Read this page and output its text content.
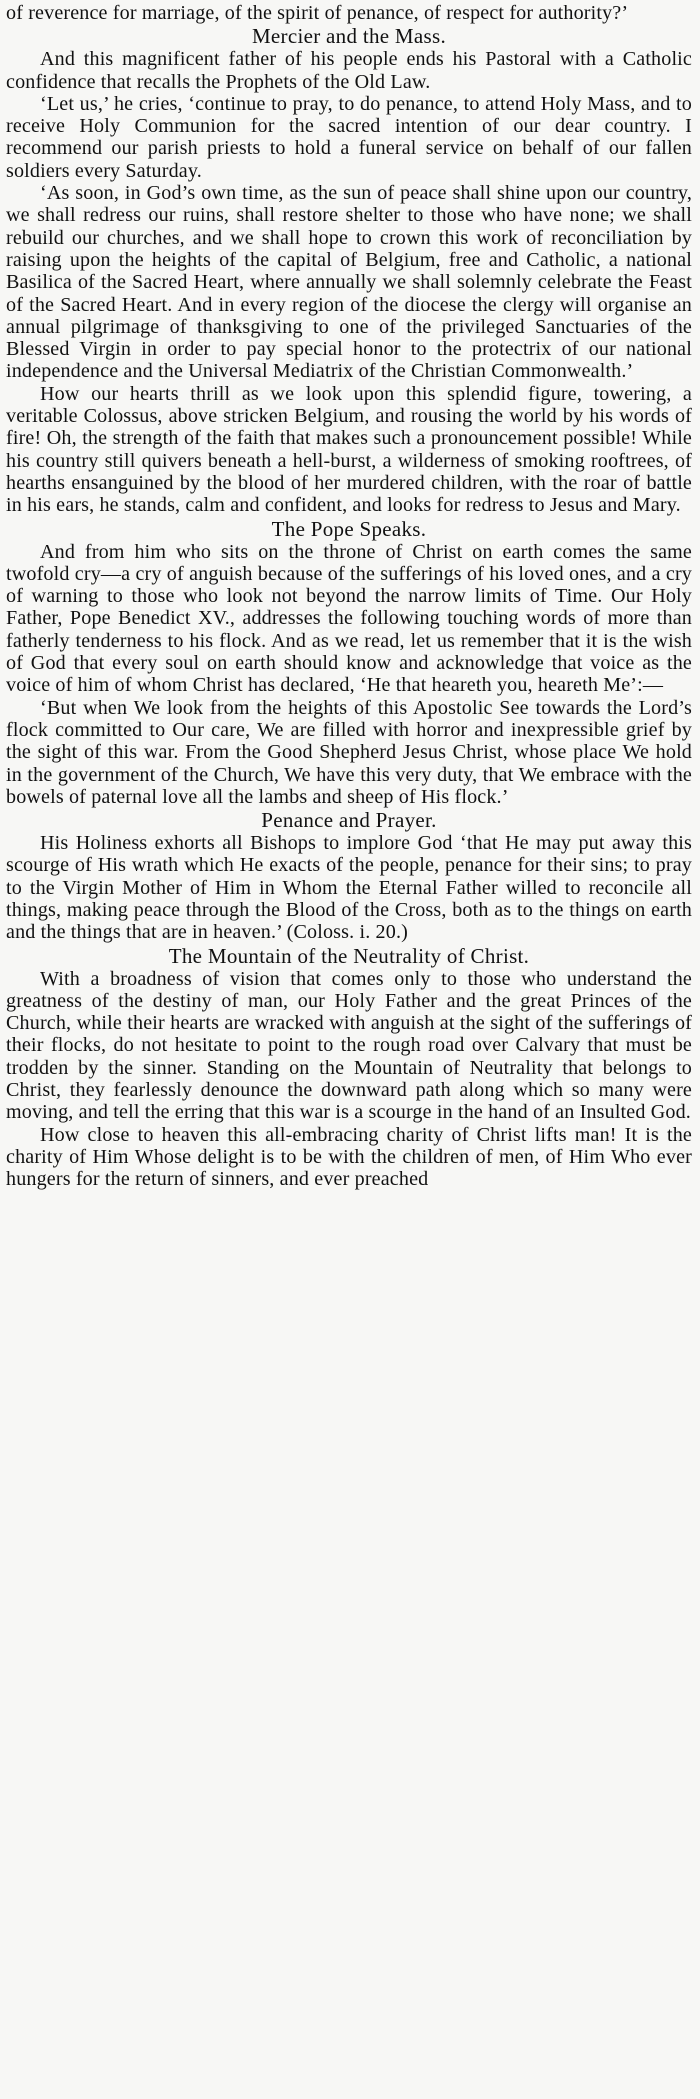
of reverence for marriage, of the spirit of penance, of respect for authority?’

Mercier and the Mass.

And this magnificent father of his people ends his Pastoral with a Catholic confidence that recalls the Prophets of the Old Law.

‘Let us,’ he cries, ‘continue to pray, to do penance, to attend Holy Mass, and to receive Holy Communion for the sacred intention of our dear country. I recommend our parish priests to hold a funeral service on behalf of our fallen soldiers every Saturday.

‘As soon, in God’s own time, as the sun of peace shall shine upon our country, we shall redress our ruins, shall restore shelter to those who have none; we shall rebuild our churches, and we shall hope to crown this work of reconciliation by raising upon the heights of the capital of Belgium, free and Catholic, a national Basilica of the Sacred Heart, where annually we shall solemnly celebrate the Feast of the Sacred Heart. And in every region of the diocese the clergy will organise an annual pilgrimage of thanksgiving to one of the privileged Sanctuaries of the Blessed Virgin in order to pay special honor to the protectrix of our national independence and the Universal Mediatrix of the Christian Commonwealth.’

How our hearts thrill as we look upon this splendid figure, towering, a veritable Colossus, above stricken Belgium, and rousing the world by his words of fire! Oh, the strength of the faith that makes such a pronouncement possible! While his country still quivers beneath a hell-burst, a wilderness of smoking rooftrees, of hearths ensanguined by the blood of her murdered children, with the roar of battle in his ears, he stands, calm and confident, and looks for redress to Jesus and Mary.

The Pope Speaks.

And from him who sits on the throne of Christ on earth comes the same twofold cry—a cry of anguish because of the sufferings of his loved ones, and a cry of warning to those who look not beyond the narrow limits of Time. Our Holy Father, Pope Benedict XV., addresses the following touching words of more than fatherly tenderness to his flock. And as we read, let us remember that it is the wish of God that every soul on earth should know and acknowledge that voice as the voice of him of whom Christ has declared, ‘He that heareth you, heareth Me’:—

‘But when We look from the heights of this Apostolic See towards the Lord’s flock committed to Our care, We are filled with horror and inexpressible grief by the sight of this war. From the Good Shepherd Jesus Christ, whose place We hold in the government of the Church, We have this very duty, that We embrace with the bowels of paternal love all the lambs and sheep of His flock.’

Penance and Prayer.

His Holiness exhorts all Bishops to implore God ‘that He may put away this scourge of His wrath which He exacts of the people, penance for their sins; to pray to the Virgin Mother of Him in Whom the Eternal Father willed to reconcile all things, making peace through the Blood of the Cross, both as to the things on earth and the things that are in heaven.’ (Coloss. i. 20.)

The Mountain of the Neutrality of Christ.

With a broadness of vision that comes only to those who understand the greatness of the destiny of man, our Holy Father and the great Princes of the Church, while their hearts are wracked with anguish at the sight of the sufferings of their flocks, do not hesitate to point to the rough road over Calvary that must be trodden by the sinner. Standing on the Mountain of Neutrality that belongs to Christ, they fearlessly denounce the downward path along which so many were moving, and tell the erring that this war is a scourge in the hand of an Insulted God.

How close to heaven this all-embracing charity of Christ lifts man! It is the charity of Him Whose delight is to be with the children of men, of Him Who ever hungers for the return of sinners, and ever preached
